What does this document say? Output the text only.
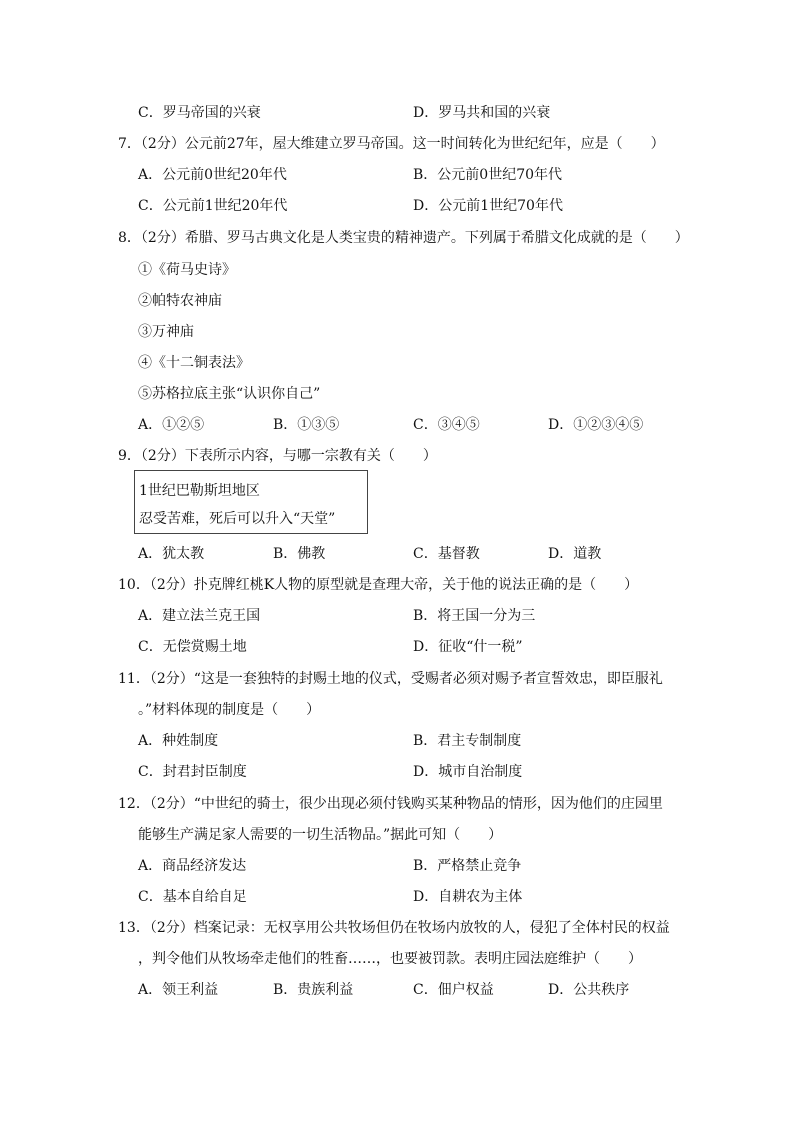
C．罗马帝国的兴衰	D．罗马共和国的兴衰
7．（2分）公元前27年，屋大维建立罗马帝国。这一时间转化为世纪纪年，应是（　　）
A．公元前0世纪20年代	B．公元前0世纪70年代
C．公元前1世纪20年代	D．公元前1世纪70年代
8．（2分）希腊、罗马古典文化是人类宝贵的精神遗产。下列属于希腊文化成就的是（　　）
①《荷马史诗》
②帕特农神庙
③万神庙
④《十二铜表法》
⑤苏格拉底主张“认识你自己”
A．①②⑤	B．①③⑤	C．③④⑤	D．①②③④⑤
9．（2分）下表所示内容，与哪一宗教有关（　　）
1世纪巴勒斯坦地区
忍受苦难，死后可以升入“天堂”
A．犹太教	B．佛教	C．基督教	D．道教
10．（2分）扑克牌红桃K人物的原型就是查理大帝，关于他的说法正确的是（　　）
A．建立法兰克王国	B．将王国一分为三
C．无偿赏赐土地	D．征收“什一税”
11．（2分）“这是一套独特的封赐土地的仪式，受赐者必须对赐予者宣誓效忠，即臣服礼
。”材料体现的制度是（　　）
A．种姓制度	B．君主专制制度
C．封君封臣制度	D．城市自治制度
12．（2分）“中世纪的骑士，很少出现必须付钱购买某种物品的情形，因为他们的庄园里
能够生产满足家人需要的一切生活物品。”据此可知（　　）
A．商品经济发达	B．严格禁止竞争
C．基本自给自足	D．自耕农为主体
13．（2分）档案记录：无权享用公共牧场但仍在牧场内放牧的人，侵犯了全体村民的权益
，判令他们从牧场牵走他们的牲畜……，也要被罚款。表明庄园法庭维护（　　）
A．领王利益	B．贵族利益	C．佃户权益	D．公共秩序
